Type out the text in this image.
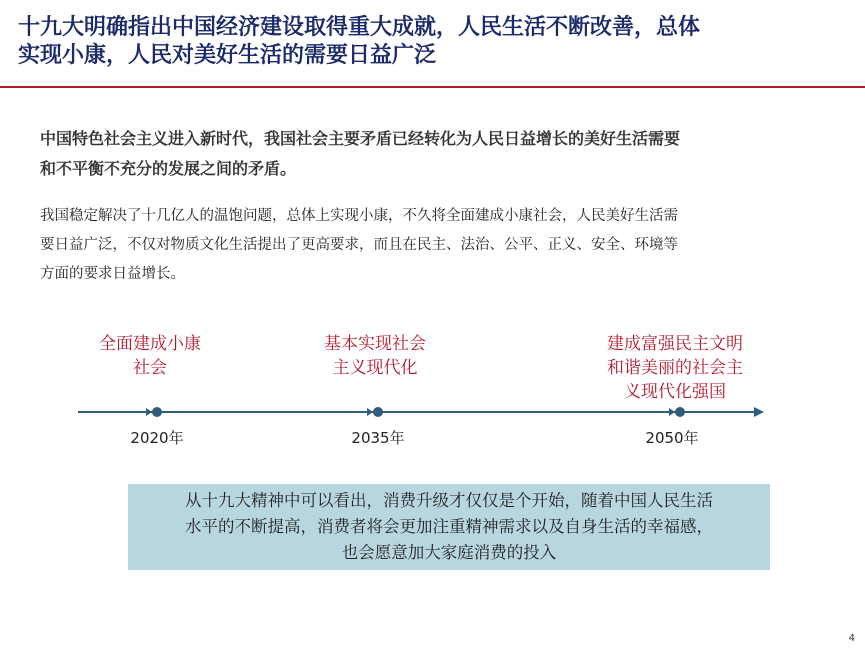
十九大明确指出中国经济建设取得重大成就，人民生活不断改善，总体
实现小康，人民对美好生活的需要日益广泛
中国特色社会主义进入新时代，我国社会主要矛盾已经转化为人民日益增长的美好生活需要
和不平衡不充分的发展之间的矛盾。
我国稳定解决了十几亿人的温饱问题，总体上实现小康，不久将全面建成小康社会，人民美好生活需
要日益广泛，不仅对物质文化生活提出了更高要求，而且在民主、法治、公平、正义、安全、环境等
方面的要求日益增长。
全面建成小康
社会
基本实现社会
主义现代化
建成富强民主文明
和谐美丽的社会主
义现代化强国
2020年	2035年	2050年
从十九大精神中可以看出，消费升级才仅仅是个开始，随着中国人民生活
水平的不断提高，消费者将会更加注重精神需求以及自身生活的幸福感，
也会愿意加大家庭消费的投入
4
